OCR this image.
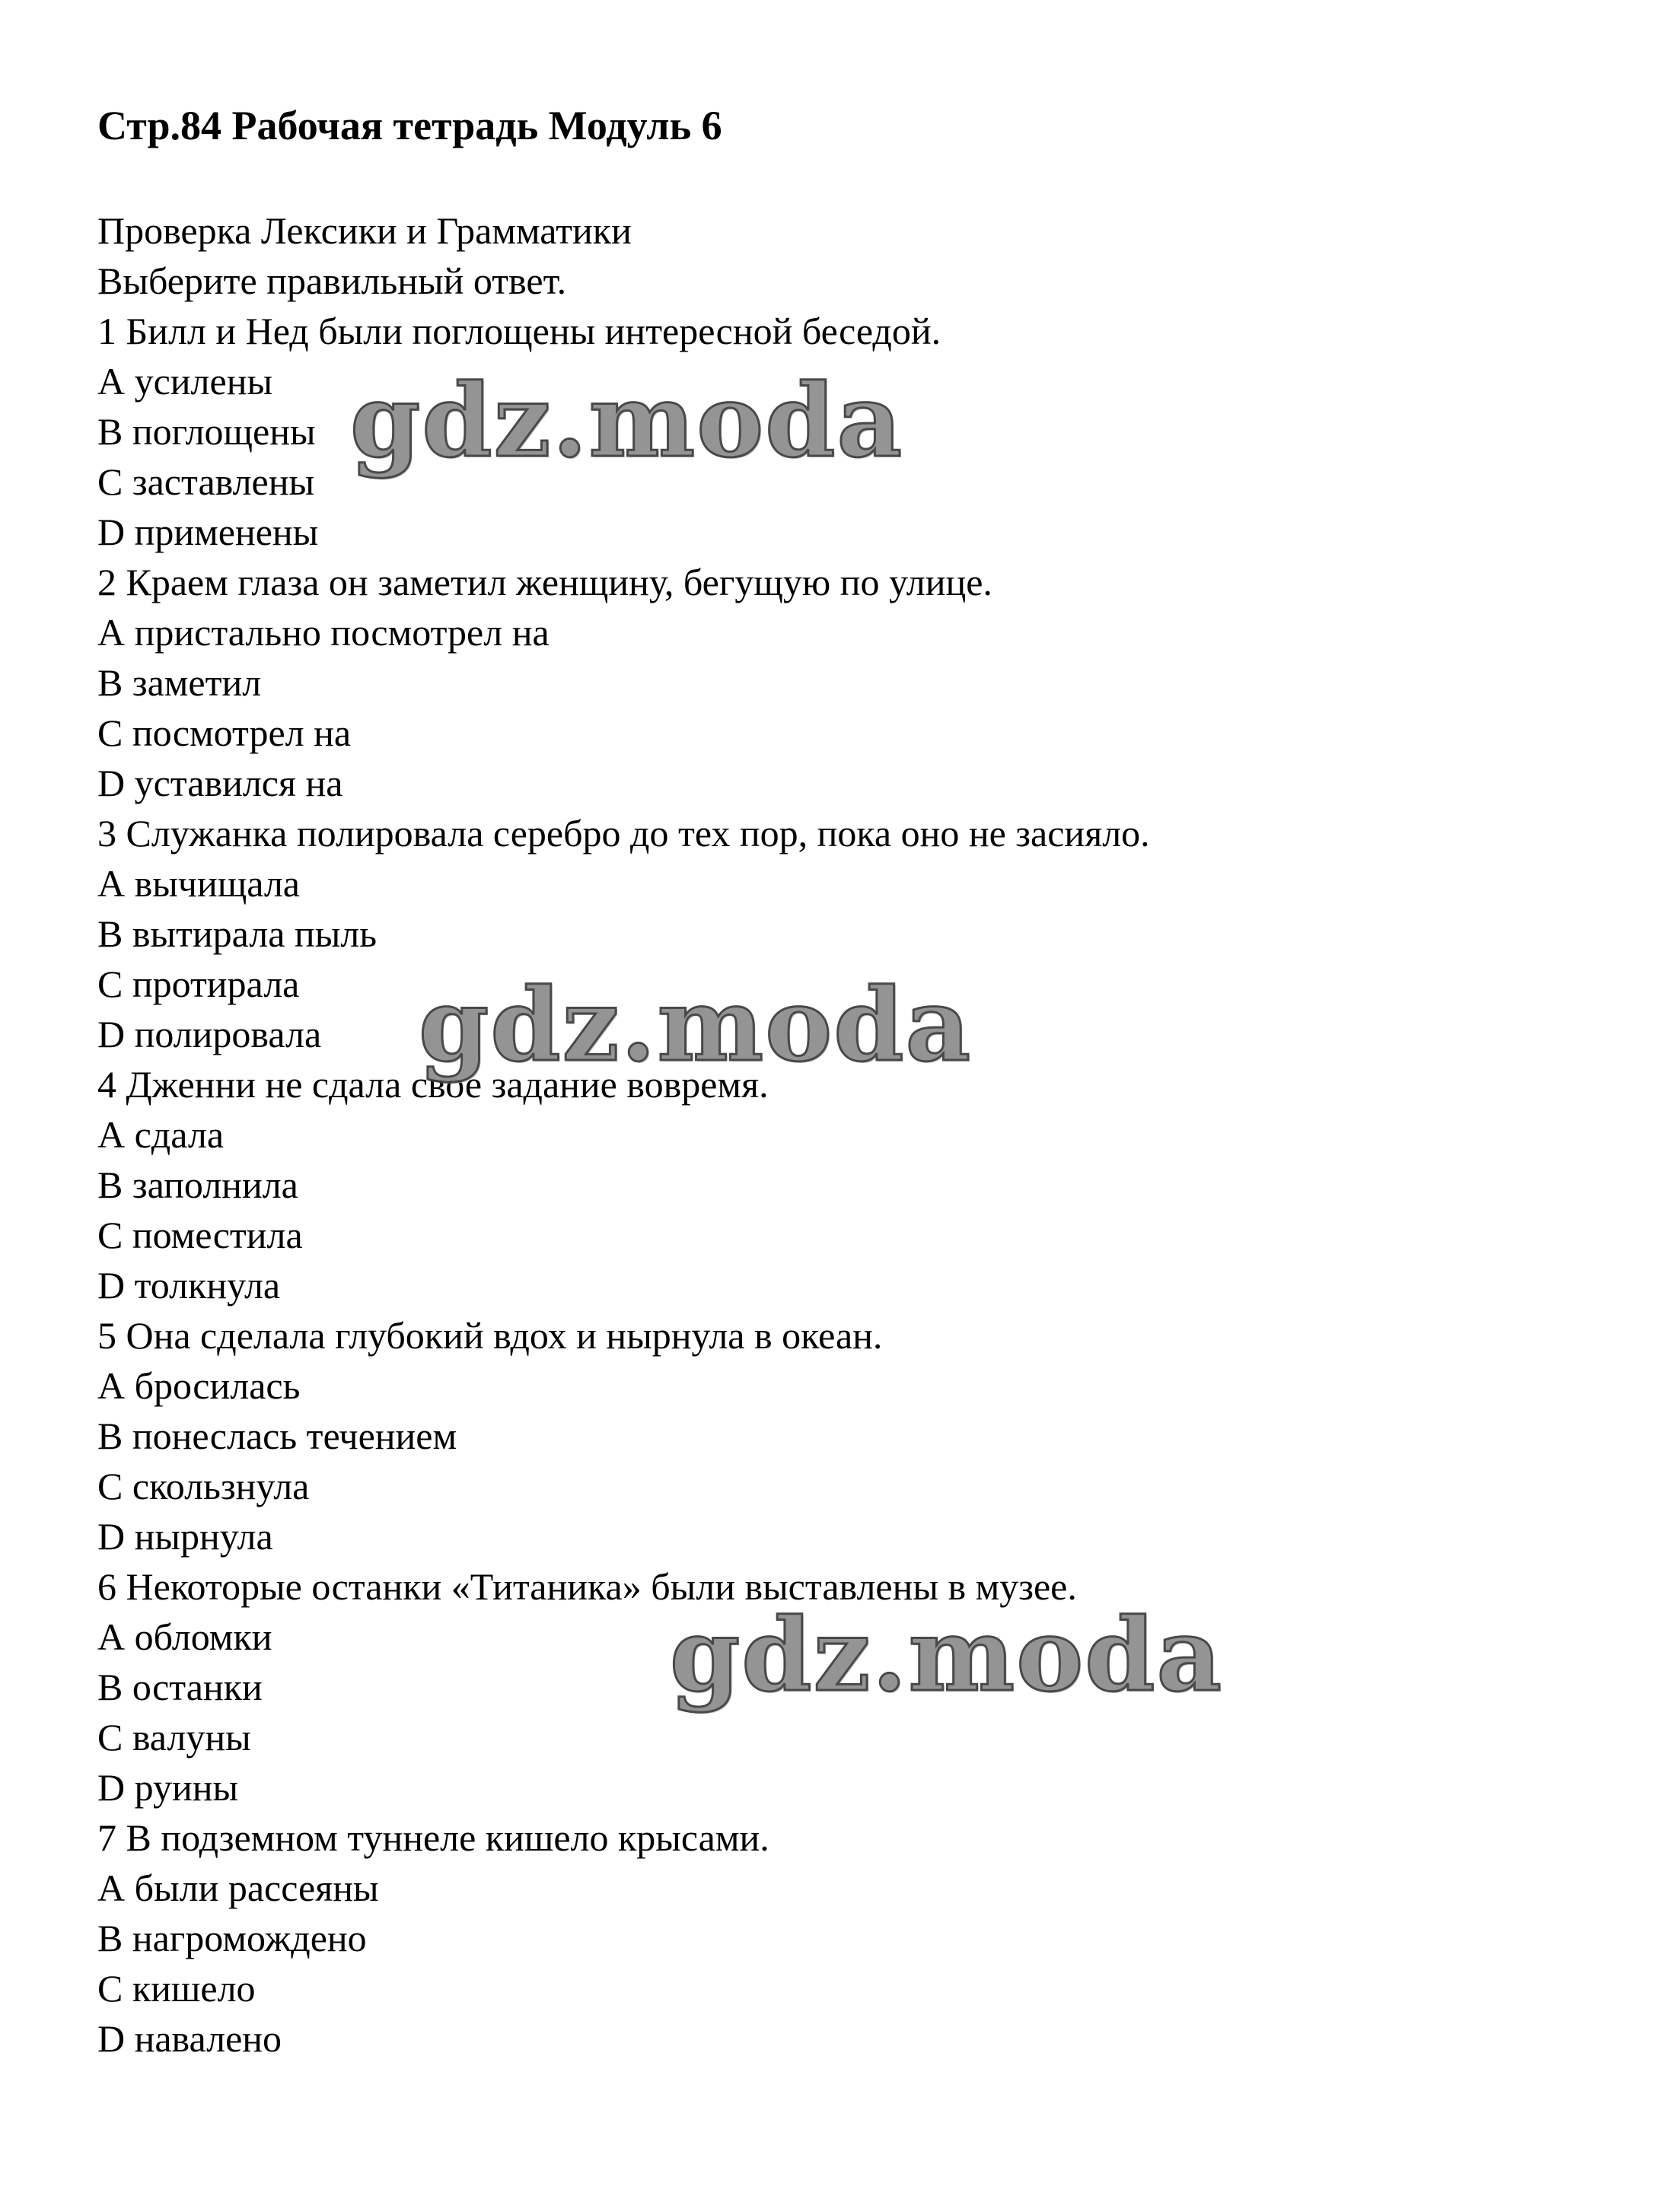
Стр.84 Рабочая тетрадь Модуль 6
Проверка Лексики и Грамматики
Выберите правильный ответ.
1 Билл и Нед были поглощены интересной беседой.
А усилены
В поглощены
С заставлены
D применены
2 Краем глаза он заметил женщину, бегущую по улице.
А пристально посмотрел на
В заметил
С посмотрел на
D уставился на
3 Служанка полировала серебро до тех пор, пока оно не засияло.
А вычищала
В вытирала пыль
С протирала
D полировала
4 Дженни не сдала свое задание вовремя.
А сдала
В заполнила
С поместила
D толкнула
5 Она сделала глубокий вдох и нырнула в океан.
А бросилась
В понеслась течением
С скользнула
D нырнула
6 Некоторые останки «Титаника» были выставлены в музее.
А обломки
В останки
С валуны
D руины
7 В подземном туннеле кишело крысами.
А были рассеяны
В нагромождено
С кишело
D навалено
gdz.moda
gdz.moda
gdz.moda
